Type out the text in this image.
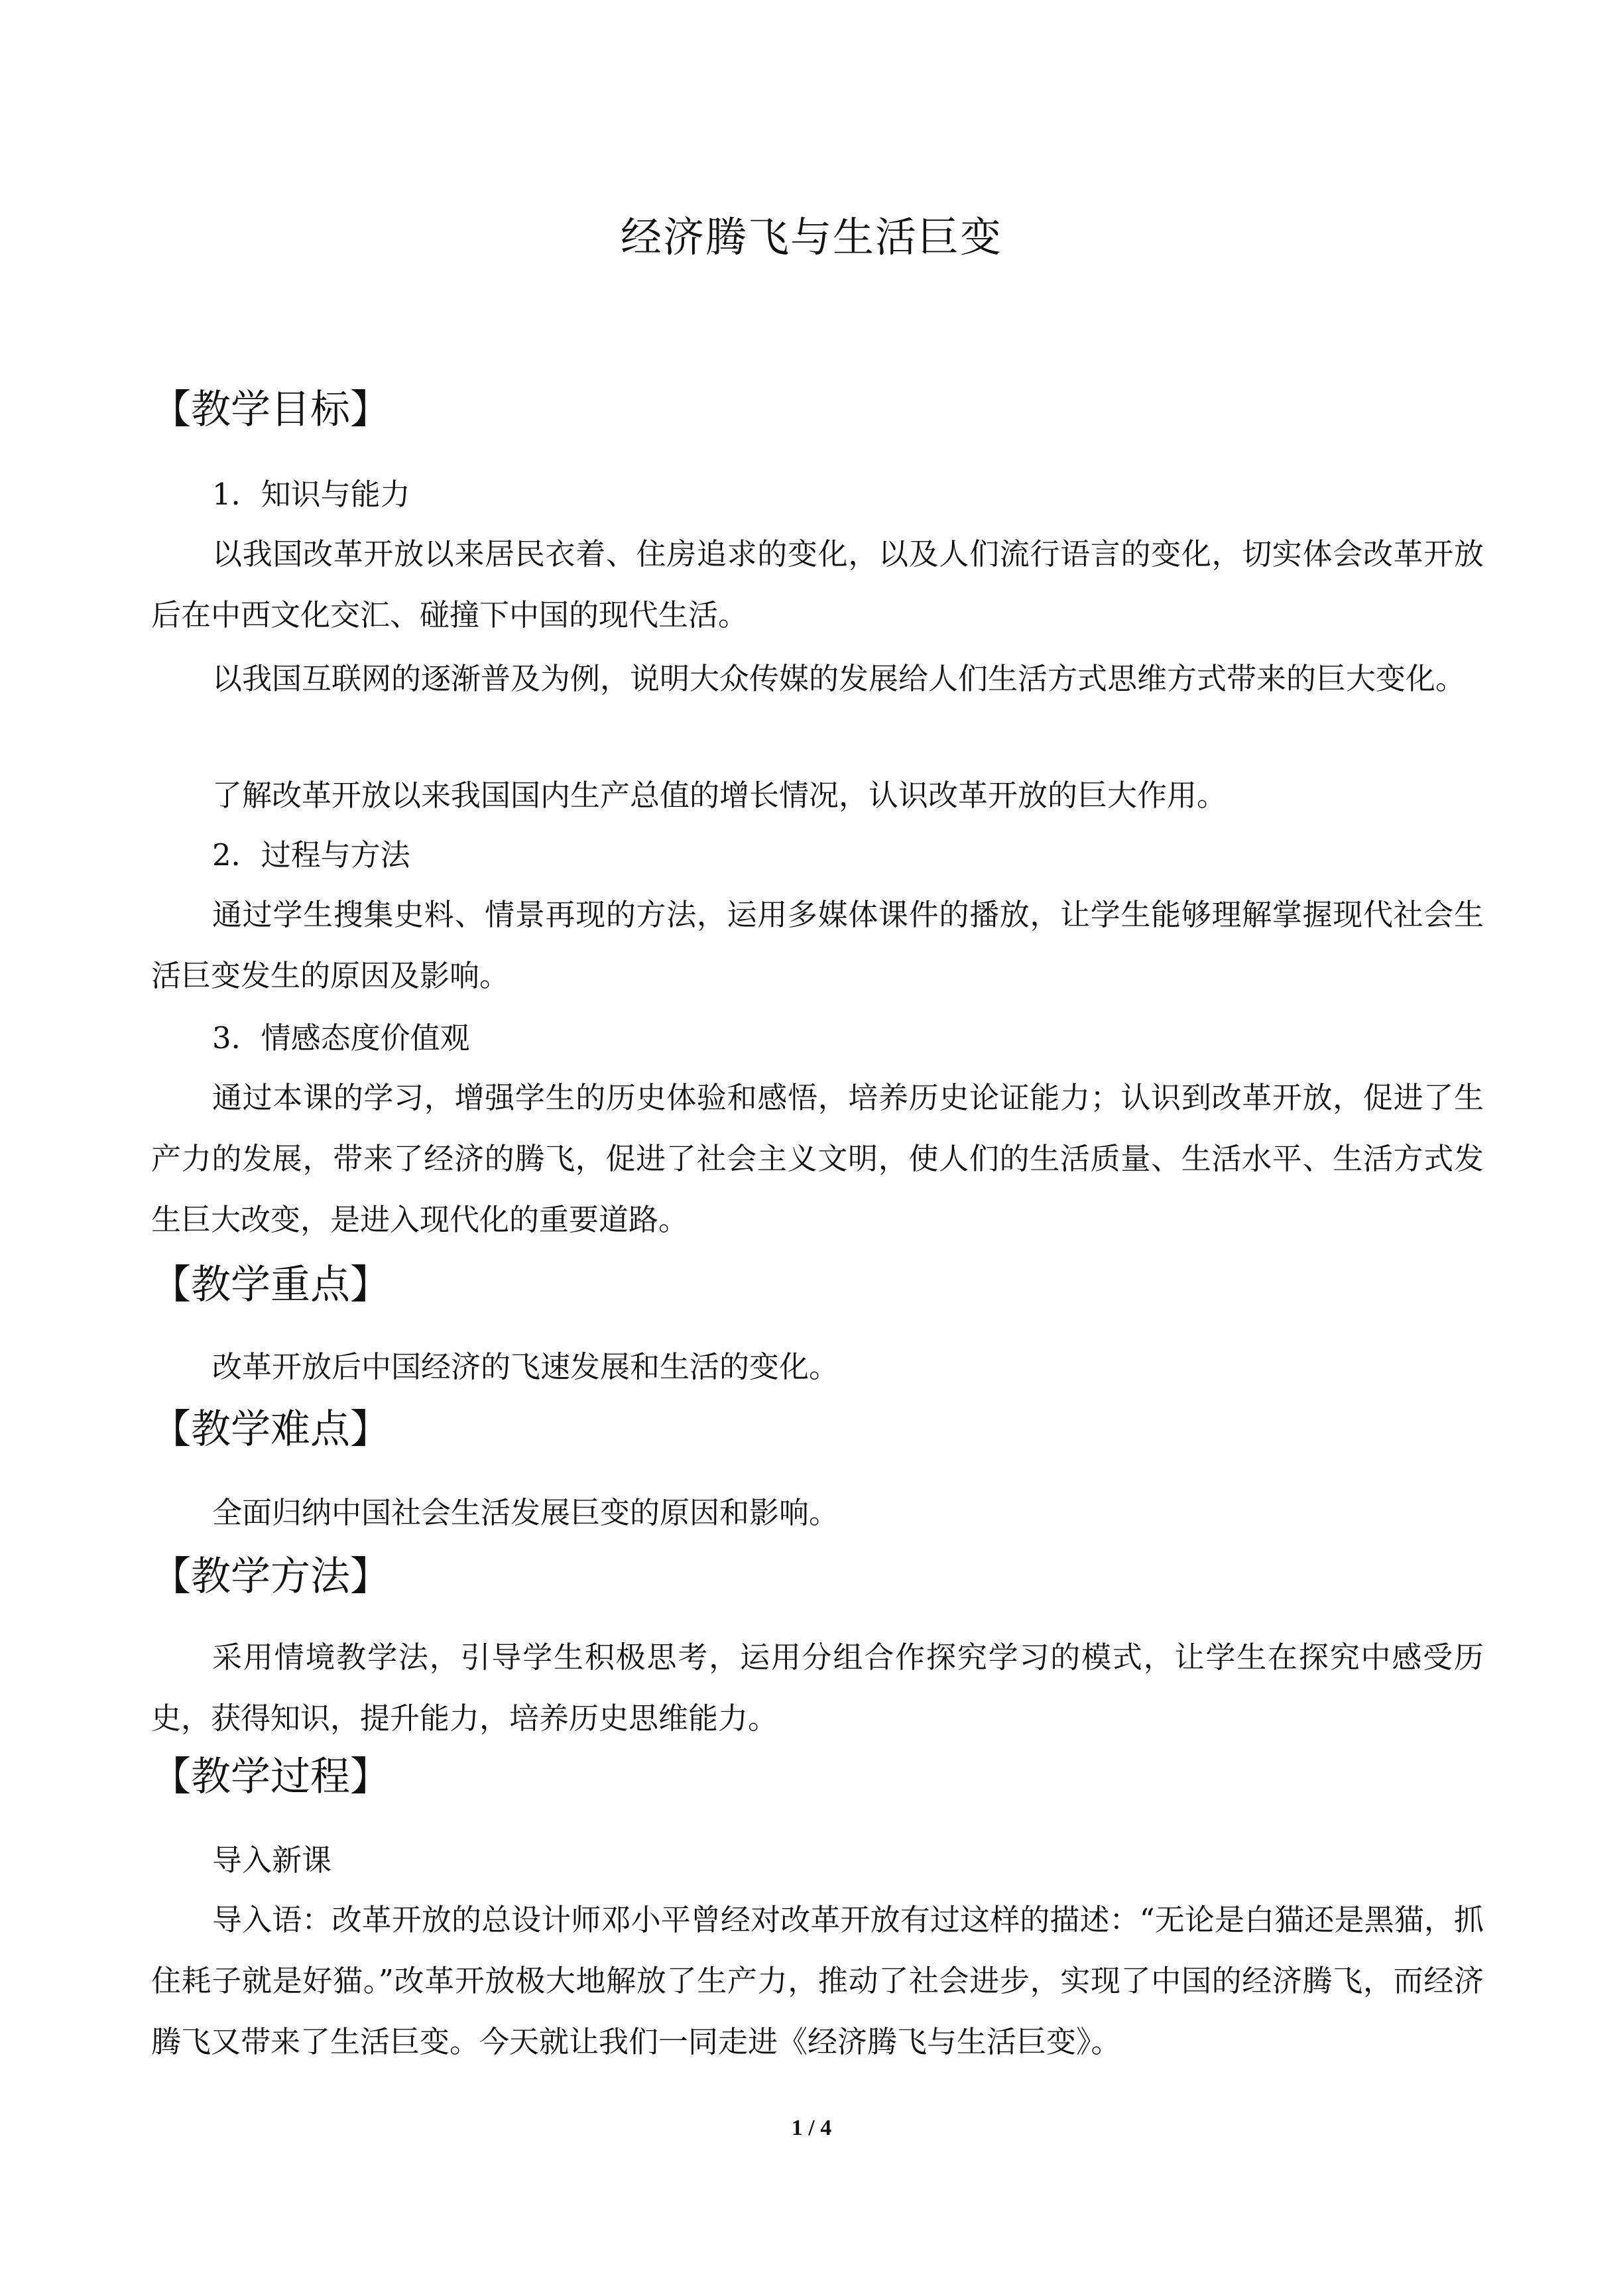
经济腾飞与生活巨变
【教学目标】
1．知识与能力
以我国改革开放以来居民衣着、住房追求的变化，以及人们流行语言的变化，切实体会改革开放后在中西文化交汇、碰撞下中国的现代生活。
以我国互联网的逐渐普及为例，说明大众传媒的发展给人们生活方式思维方式带来的巨大变化。
了解改革开放以来我国国内生产总值的增长情况，认识改革开放的巨大作用。
2．过程与方法
通过学生搜集史料、情景再现的方法，运用多媒体课件的播放，让学生能够理解掌握现代社会生活巨变发生的原因及影响。
3．情感态度价值观
通过本课的学习，增强学生的历史体验和感悟，培养历史论证能力；认识到改革开放，促进了生产力的发展，带来了经济的腾飞，促进了社会主义文明，使人们的生活质量、生活水平、生活方式发生巨大改变，是进入现代化的重要道路。
【教学重点】
改革开放后中国经济的飞速发展和生活的变化。
【教学难点】
全面归纳中国社会生活发展巨变的原因和影响。
【教学方法】
采用情境教学法，引导学生积极思考，运用分组合作探究学习的模式，让学生在探究中感受历史，获得知识，提升能力，培养历史思维能力。
【教学过程】
导入新课
导入语：改革开放的总设计师邓小平曾经对改革开放有过这样的描述：“无论是白猫还是黑猫，抓住耗子就是好猫。”改革开放极大地解放了生产力，推动了社会进步，实现了中国的经济腾飞，而经济腾飞又带来了生活巨变。今天就让我们一同走进《经济腾飞与生活巨变》。
1 / 4
